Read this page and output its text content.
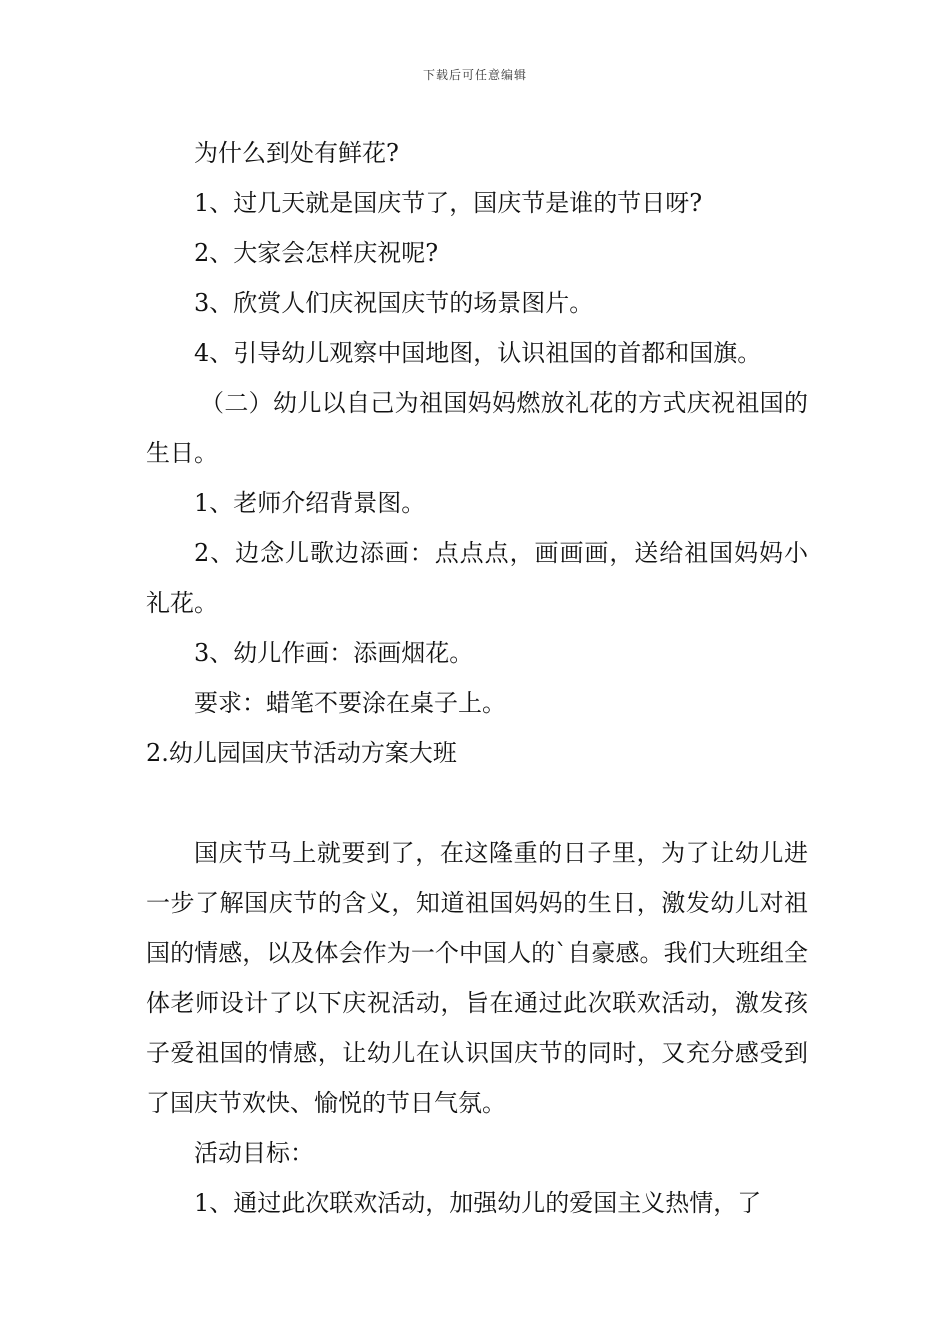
下载后可任意编辑

为什么到处有鲜花?

1、过几天就是国庆节了，国庆节是谁的节日呀?

2、大家会怎样庆祝呢?

3、欣赏人们庆祝国庆节的场景图片。

4、引导幼儿观察中国地图，认识祖国的首都和国旗。

（二）幼儿以自己为祖国妈妈燃放礼花的方式庆祝祖国的生日。

1、老师介绍背景图。

2、边念儿歌边添画：点点点，画画画，送给祖国妈妈小礼花。

3、幼儿作画：添画烟花。

要求：蜡笔不要涂在桌子上。

2.幼儿园国庆节活动方案大班

国庆节马上就要到了，在这隆重的日子里，为了让幼儿进一步了解国庆节的含义，知道祖国妈妈的生日，激发幼儿对祖国的情感，以及体会作为一个中国人的`自豪感。我们大班组全体老师设计了以下庆祝活动，旨在通过此次联欢活动，激发孩子爱祖国的情感，让幼儿在认识国庆节的同时，又充分感受到了国庆节欢快、愉悦的节日气氛。

活动目标：

1、通过此次联欢活动，加强幼儿的爱国主义热情，了
